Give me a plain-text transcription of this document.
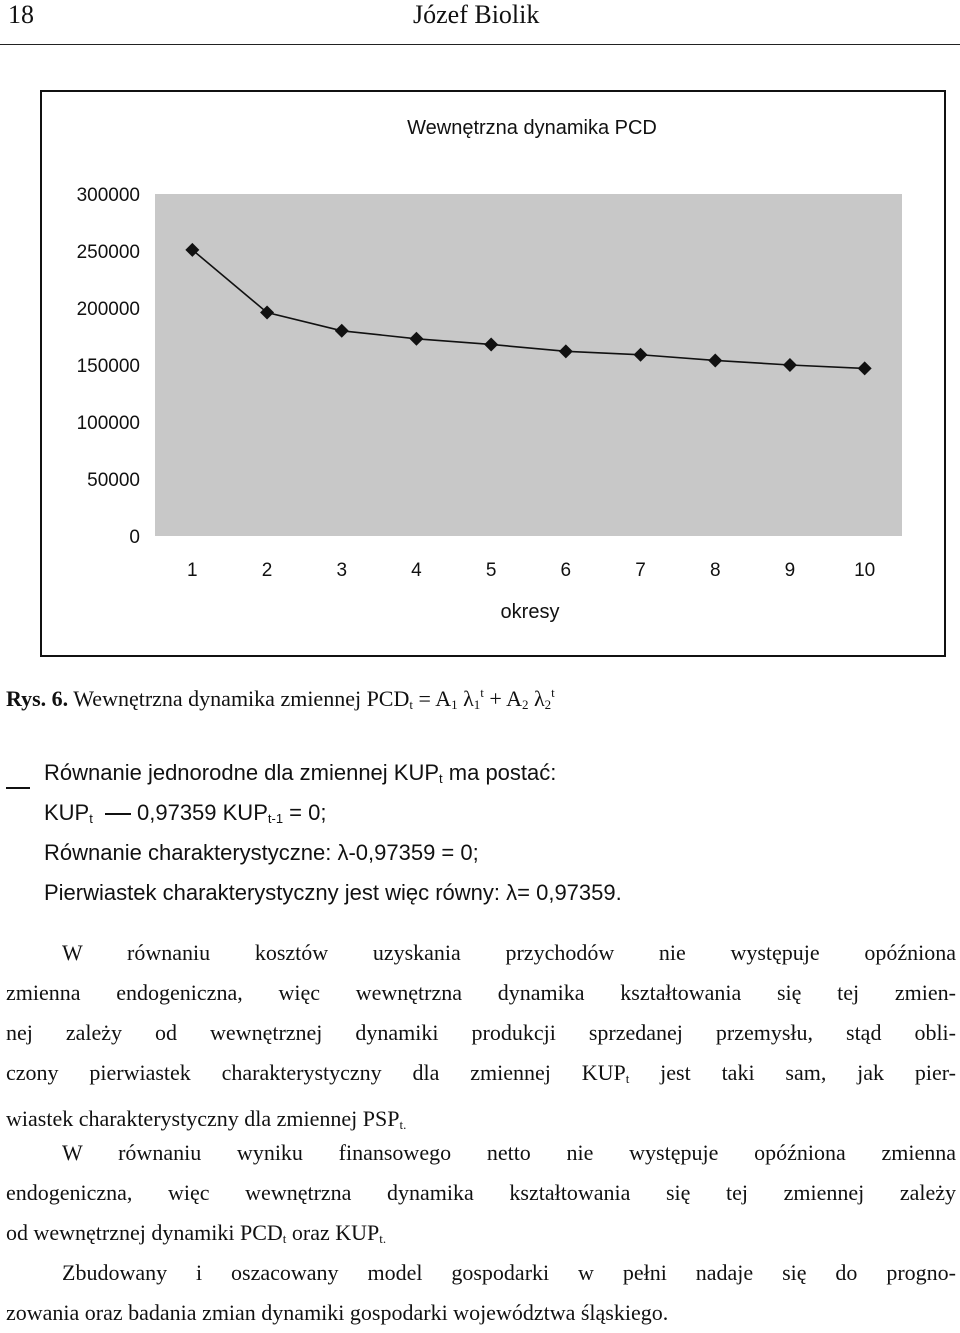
18	Józef Biolik
Wewnętrzna dynamika PCD
300000
250000
200000
150000
100000
50000
0
1	2	3	4	5	6	7	8	9	10
okresy
Rys. 6. Wewnętrzna dynamika zmiennej $PCD_t = A_1$ $\lambda_1^t + A_2$ $\lambda_2^t$
Równanie jednorodne dla zmiennej $KUP_t$ ma postać:
$KUP_t$ 0,97359 $KUP_{t-1} = 0$;
Równanie charakterystyczne: λ-0,97359 = 0;
Pierwiastek charakterystyczny jest więc równy: λ= 0,97359.
W równaniu kosztów uzyskania przychodów nie występuje opóźniona
zmienna endogeniczna, więc wewnętrzna dynamika kształtowania się tej zmien-
nej zależy od wewnętrznej dynamiki produkcji sprzedanej przemysłu, stąd obli-
czony pierwiastek charakterystyczny dla zmiennej $KUP_t$ jest taki sam, jak pier-
wiastek charakterystyczny dla zmiennej $PSP_{t.}$
W równaniu wyniku finansowego netto nie występuje opóźniona zmienna
endogeniczna, więc wewnętrzna dynamika kształtowania się tej zmiennej zależy
od wewnętrznej dynamiki $PCD_t$ oraz $KUP_{t.}$
Zbudowany i oszacowany model gospodarki w pełni nadaje się do progno-
zowania oraz badania zmian dynamiki gospodarki województwa śląskiego.
